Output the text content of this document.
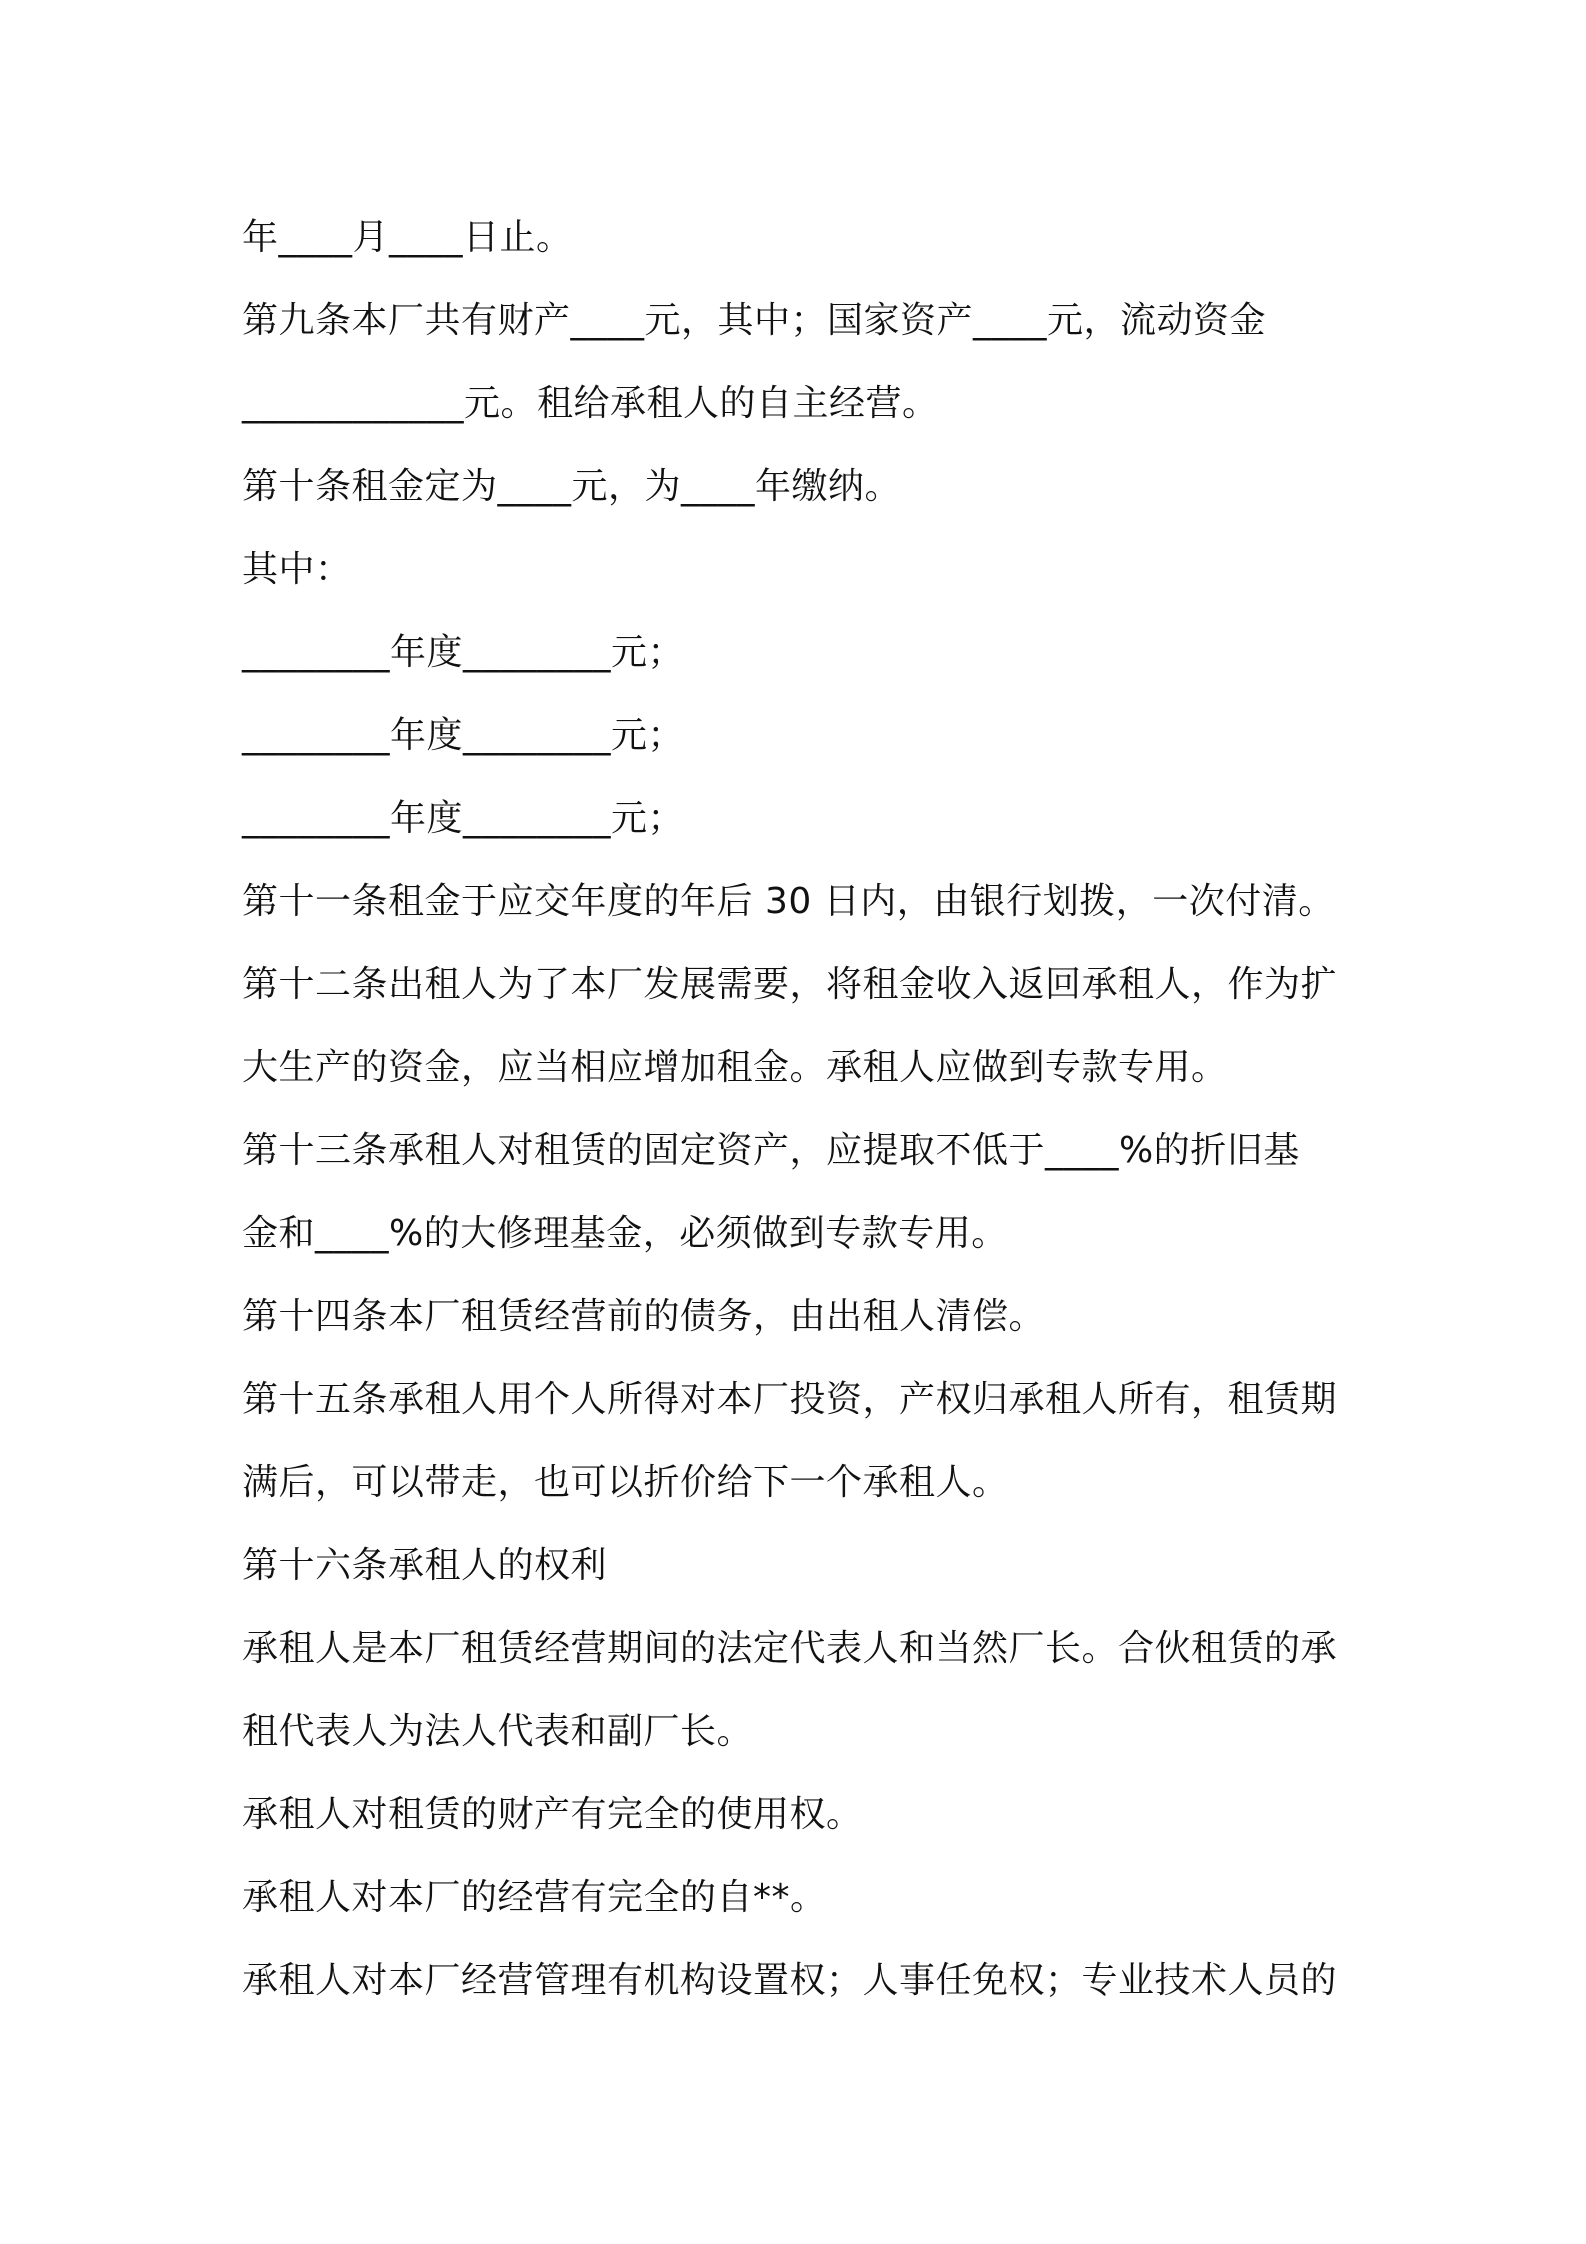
年____月____日止。

第九条本厂共有财产____元，其中；国家资产____元，流动资金

____________元。租给承租人的自主经营。

第十条租金定为____元，为____年缴纳。

其中：

________年度________元；

________年度________元；

________年度________元；

第十一条租金于应交年度的年后 30 日内，由银行划拨，一次付清。

第十二条出租人为了本厂发展需要，将租金收入返回承租人，作为扩

大生产的资金，应当相应增加租金。承租人应做到专款专用。

第十三条承租人对租赁的固定资产，应提取不低于____%的折旧基

金和____%的大修理基金，必须做到专款专用。

第十四条本厂租赁经营前的债务，由出租人清偿。

第十五条承租人用个人所得对本厂投资，产权归承租人所有，租赁期

满后，可以带走，也可以折价给下一个承租人。

第十六条承租人的权利

承租人是本厂租赁经营期间的法定代表人和当然厂长。合伙租赁的承

租代表人为法人代表和副厂长。

承租人对租赁的财产有完全的使用权。

承租人对本厂的经营有完全的自**。

承租人对本厂经营管理有机构设置权；人事任免权；专业技术人员的
